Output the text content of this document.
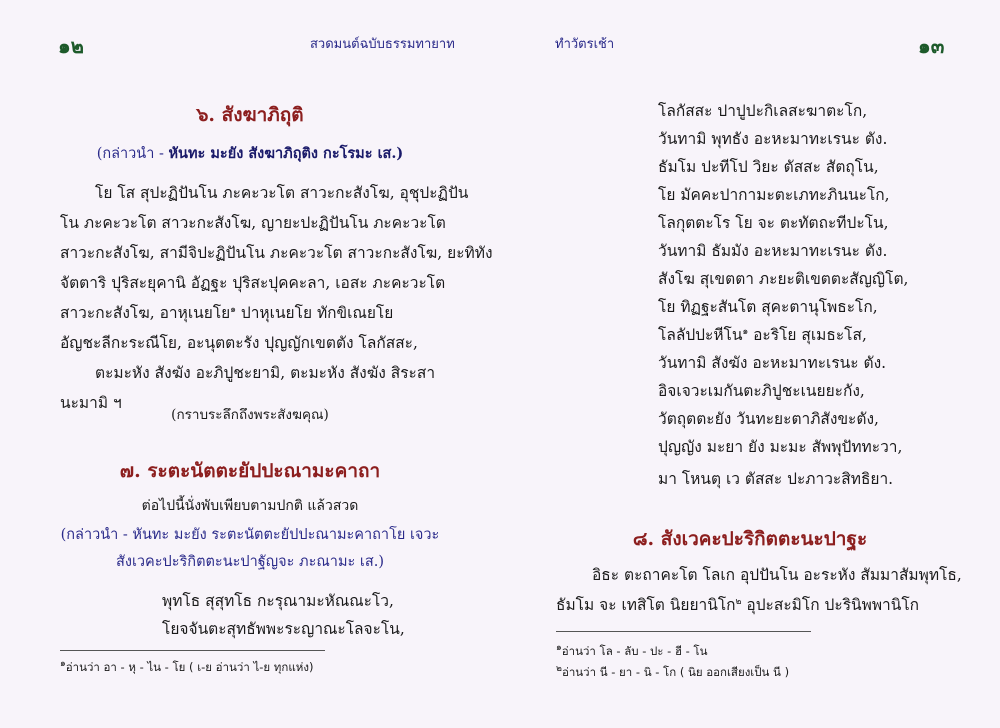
๑๒	สวดมนต์ฉบับธรรมทายาท
๖. สังฆาภิถุติ
(กล่าวนำ - หันทะ มะยัง สังฆาภิถุติง กะโรมะ เส.)
โย โส สุปะฏิปันโน ภะคะวะโต สาวะกะสังโฆ, อุชุปะฏิปัน
โน ภะคะวะโต สาวะกะสังโฆ, ญายะปะฏิปันโน ภะคะวะโต
สาวะกะสังโฆ, สามีจิปะฏิปันโน ภะคะวะโต สาวะกะสังโฆ, ยะทิทัง
จัตตาริ ปุริสะยุคานิ อัฏฐะ ปุริสะปุคคะลา, เอสะ ภะคะวะโต
สาวะกะสังโฆ, อาหุเนยโย$^๑$ ปาหุเนยโย ทักขิเณยโย
อัญชะลีกะระณีโย, อะนุตตะรัง ปุญญักเขตตัง โลกัสสะ,
ตะมะหัง สังฆัง อะภิปูชะยามิ, ตะมะหัง สังฆัง สิระสา
นะมามิ ฯ
(กราบระลึกถึงพระสังฆคุณ)
๗. ระตะนัตตะยัปปะณามะคาถา
ต่อไปนี้นั่งพับเพียบตามปกติ แล้วสวด
(กล่าวนำ - หันทะ มะยัง ระตะนัตตะยัปปะณามะคาถาโย เจวะ
สังเวคะปะริกิตตะนะปาฐัญจะ ภะณามะ เส.)
พุทโธ สุสุทโธ กะรุณามะหัณณะโว,
โยจจันตะสุทธัพพะระญาณะโลจะโน,
$^๑$อ่านว่า อา - หุ - ไน - โย ( เ-ย อ่านว่า ไ-ย ทุกแห่ง)
ทำวัตรเช้า	๑๓
โลกัสสะ ปาปูปะกิเลสะฆาตะโก,
วันทามิ พุทธัง อะหะมาทะเรนะ ตัง.
ธัมโม ปะทีโป วิยะ ตัสสะ สัตถุโน,
โย มัคคะปากามะตะเภทะภินนะโก,
โลกุตตะโร โย จะ ตะทัตถะทีปะโน,
วันทามิ ธัมมัง อะหะมาทะเรนะ ตัง.
สังโฆ สุเขตตา ภะยะติเขตตะสัญญิโต,
โย ทิฏฐะสันโต สุคะตานุโพธะโก,
โลลัปปะหีโน$^๑$ อะริโย สุเมธะโส,
วันทามิ สังฆัง อะหะมาทะเรนะ ตัง.
อิจเจวะเมกันตะภิปูชะเนยยะกัง,
วัตถุตตะยัง วันทะยะตาภิสังขะตัง,
ปุญญัง มะยา ยัง มะมะ สัพพุปัททะวา,
มา โหนตุ เว ตัสสะ ปะภาวะสิทธิยา.
๘. สังเวคะปะริกิตตะนะปาฐะ
อิธะ ตะถาคะโต โลเก อุปปันโน อะระหัง สัมมาสัมพุทโธ,
ธัมโม จะ เทสิโต นิยยานิโก$^๒$ อุปะสะมิโก ปะรินิพพานิโก
$^๑$อ่านว่า โล - ลับ - ปะ - ฮี - โน
$^๒$อ่านว่า นี - ยา - นิ - โก ( นิย ออกเสียงเป็น นี )
